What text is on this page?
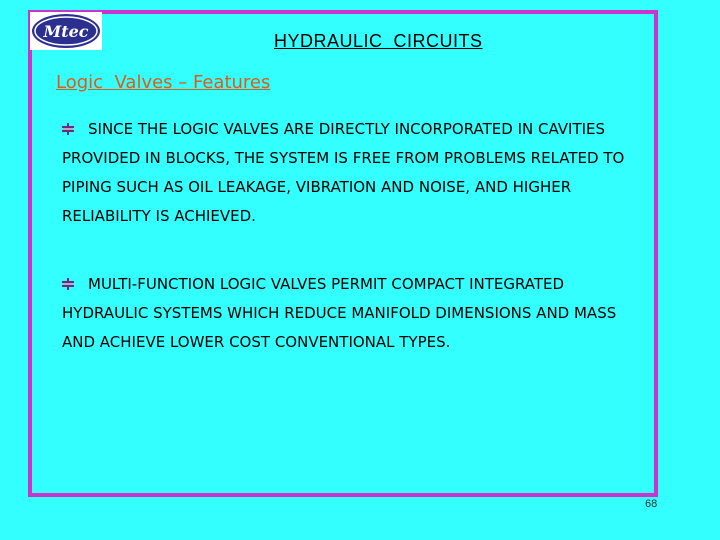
Mtec	HYDRAULIC  CIRCUITS
Logic  Valves – Features

SINCE THE LOGIC VALVES ARE DIRECTLY INCORPORATED IN CAVITIES PROVIDED IN BLOCKS, THE SYSTEM IS FREE FROM PROBLEMS RELATED TO PIPING SUCH AS OIL LEAKAGE, VIBRATION AND NOISE, AND HIGHER RELIABILITY IS ACHIEVED.

MULTI-FUNCTION LOGIC VALVES PERMIT COMPACT INTEGRATED HYDRAULIC SYSTEMS WHICH REDUCE MANIFOLD DIMENSIONS AND MASS AND ACHIEVE LOWER COST CONVENTIONAL TYPES.

68
